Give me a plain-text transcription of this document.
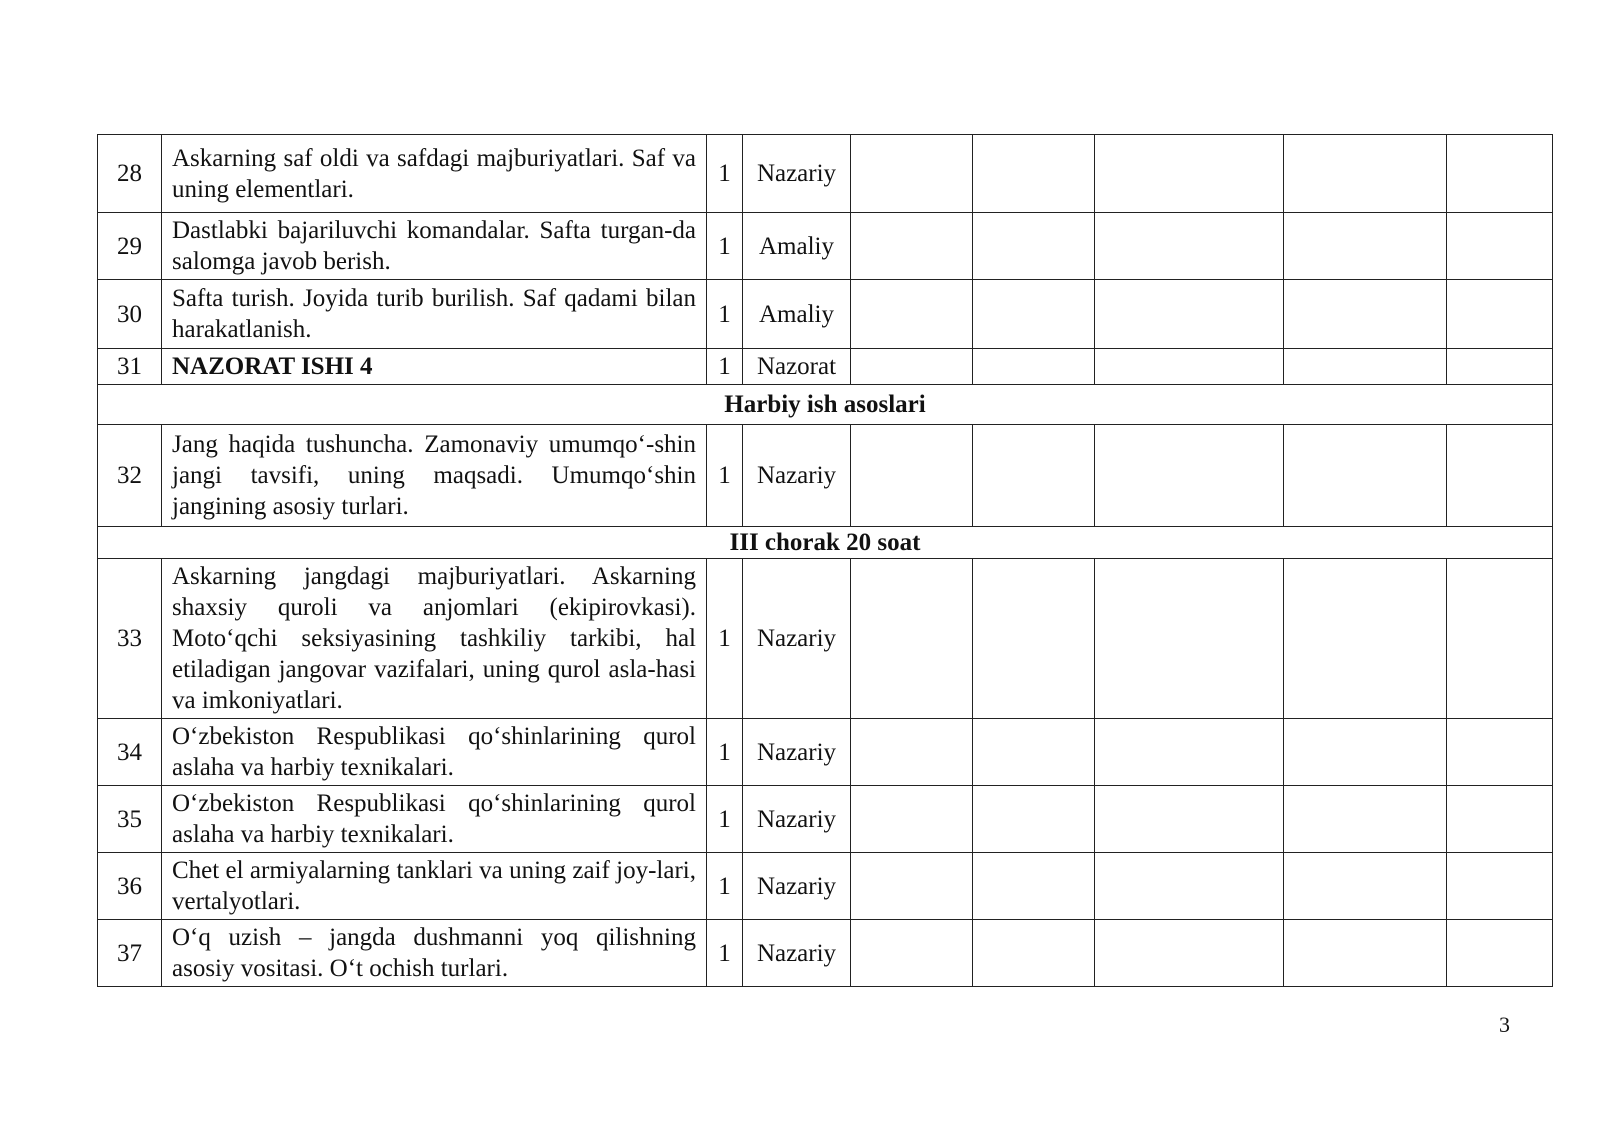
28	Askarning saf oldi va safdagi majburiyatlari. Saf va uning elementlari.	1	Nazariy					
29	Dastlabki bajariluvchi komandalar. Safta turgan-da salomga javob berish.	1	Amaliy					
30	Safta turish. Joyida turib burilish. Saf qadami bilan harakatlanish.	1	Amaliy					
31	NAZORAT ISHI 4	1	Nazorat					
Harbiy ish asoslari								
32	Jang haqida tushuncha. Zamonaviy umumqo‘-shin jangi tavsifi, uning maqsadi. Umumqo‘shin jangining asosiy turlari.	1	Nazariy					
III chorak 20 soat								
33	Askarning jangdagi majburiyatlari. Askarning shaxsiy quroli va anjomlari (ekipirovkasi). Moto‘qchi seksiyasining tashkiliy tarkibi, hal etiladigan jangovar vazifalari, uning qurol asla-hasi va imkoniyatlari.	1	Nazariy					
34	O‘zbekiston Respublikasi qo‘shinlarining qurol aslaha va harbiy texnikalari.	1	Nazariy					
35	O‘zbekiston Respublikasi qo‘shinlarining qurol aslaha va harbiy texnikalari.	1	Nazariy					
36	Chet el armiyalarning tanklari va uning zaif joy-lari, vertalyotlari.	1	Nazariy					
37	O‘q uzish – jangda dushmanni yoq qilishning asosiy vositasi. O‘t ochish turlari.	1	Nazariy					
3
